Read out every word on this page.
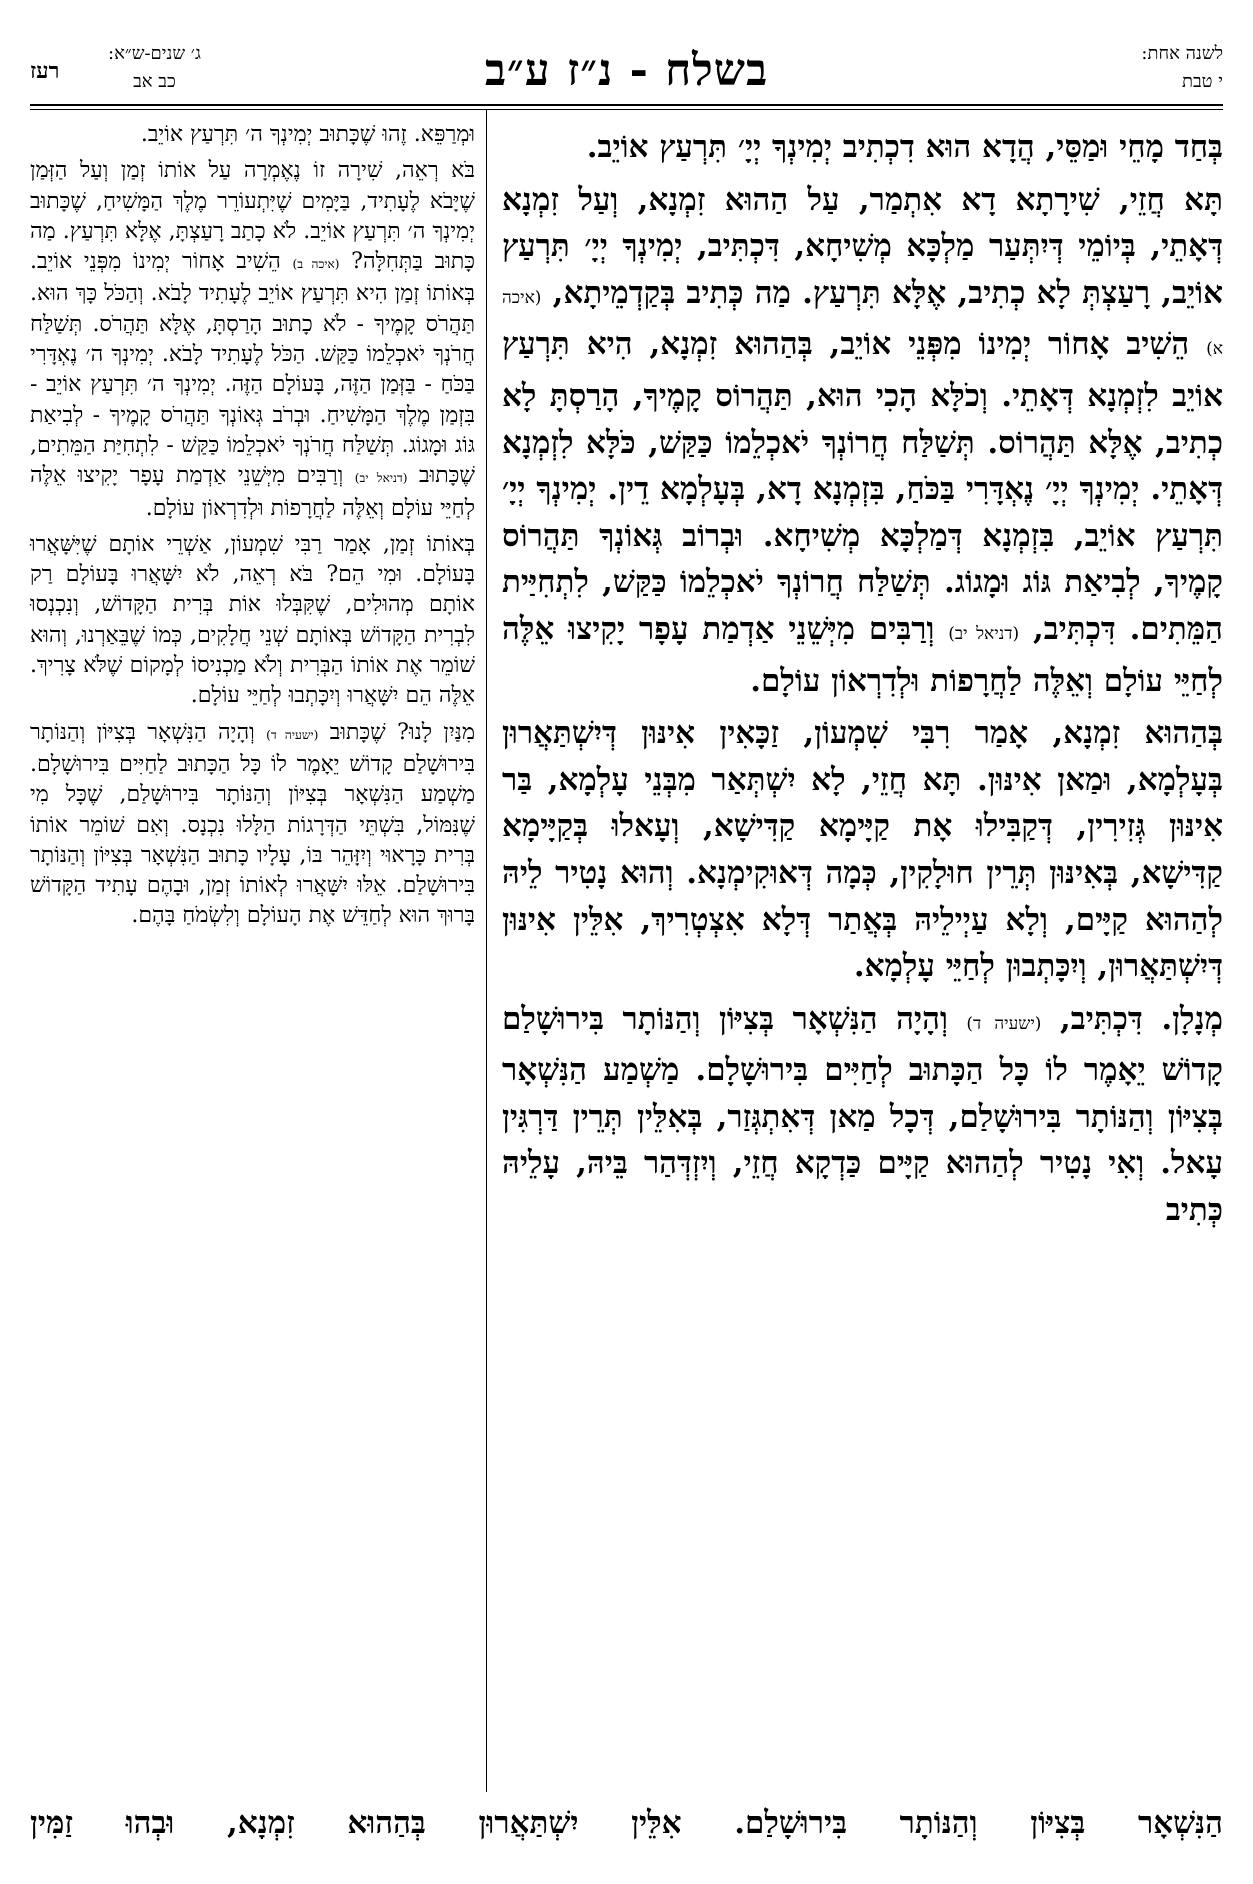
רעז
ג׳ שנים-ש״א:
כב אב	בשלח - נ״ז ע״ב	לשנה אחת:
י טבת

בְּחַד מָחֵי וּמַסֵּי, הֲדָא הוּא דִכְתִיב יְמִינְךָ יְיָ׳ תִּרְעַץ אוֹיֵב.

תָּא חֲזֵי, שִׁירָתָא דָא אִתְמַר, עַל הַהוּא זִמְנָא, וְעַל זִמְנָא דְּאָתֵי, בְּיוֹמֵי דְּיִתְּעַר מַלְכָּא מְשִׁיחָא, דִּכְתִּיב, יְמִינְךָ יְיָ׳ תִּרְעַץ אוֹיֵב, רָעַצְתְּ לָא כְתִיב, אֶלָּא תִּרְעַץ. מַה כְּתִיב בְּקַדְמֵיתָא, (איכה א) הֵשִׁיב אָחוֹר יְמִינוֹ מִפְּנֵי אוֹיֵב, בְּהַהוּא זִמְנָא, הִיא תִּרְעַץ אוֹיֵב לִזְמְנָא דְּאָתֵי. וְכֹלָּא הָכִי הוּא, תַּהֲרוֹס קָמֶיךָ, הָרַסְתָּ לָא כְתִיב, אֶלָּא תַּהֲרוֹס. תְּשַׁלַּח חֲרוֹנְךָ יֹאכְלֵמוֹ כַּקַּשׁ, כֹּלָּא לִזְמְנָא דְּאָתֵי. יְמִינְךָ יְיָ׳ נֶאְדָּרִי בַּכֹּחַ, בִּזְמְנָא דָא, בְּעָלְמָא דֵין. יְמִינְךָ יְיָ׳ תִּרְעַץ אוֹיֵב, בִּזְמְנָא דְּמַלְכָּא מְשִׁיחָא. וּבְרוֹב גְּאוֹנְךָ תַּהֲרוֹס קָמֶיךָ, לְבִיאַת גּוֹג וּמָגוֹג. תְּשַׁלַּח חֲרוֹנְךָ יֹאכְלֵמוֹ כַּקַּשׁ, לִתְחִיַּית הַמֵּתִים. דִּכְתִּיב, (דניאל יב) וְרַבִּים מִיְּשֵׁנֵי אַדְמַת עָפָר יָקִיצוּ אֵלֶּה לְחַיֵּי עוֹלָם וְאֵלֶּה לַחֲרָפוֹת וּלְדִרְאוֹן עוֹלָם.

בְּהַהוּא זִמְנָא, אָמַר רִבִּי שִׁמְעוֹן, זַכָּאִין אִינּוּן דְּיִשְׁתַּאֲרוּן בְּעָלְמָא, וּמַאן אִינּוּן. תָּא חֲזֵי, לָא יִשְׁתְּאַר מִבְּנֵי עָלְמָא, בַּר אִינּוּן גְּזִירִין, דְּקַבִּילוּ אָת קַיָּימָא קַדִּישָׁא, וְעָאלוּ בְּקַיָּימָא קַדִּישָׁא, בְּאִינּוּן תְּרֵין חוּלָקִין, כְּמָה דְּאוּקִימְנָא. וְהוּא נָטִיר לֵיהּ לְהַהוּא קַיָּים, וְלָא עַיְילֵיהּ בְּאֲתַר דְּלָא אִצְטְרִיךְ, אִלֵּין אִינּוּן דְּיִשְׁתַּאֲרוּן, וְיִכָּתְבוּן לְחַיֵּי עָלְמָא.

מְנָלָן. דִּכְתִּיב, (ישעיה ד) וְהָיָה הַנִּשְׁאָר בְּצִיּוֹן וְהַנּוֹתָר בִּירוּשָׁלַם קָדוֹשׁ יֵאָמֶר לוֹ כָּל הַכָּתוּב לְחַיִּים בִּירוּשָׁלָם. מַשְׁמַע הַנִּשְׁאָר בְּצִיּוֹן וְהַנּוֹתָר בִּירוּשָׁלַם, דְּכָל מַאן דְּאִתְגְּזַר, בְּאִלֵּין תְּרֵין דַּרְגִּין עָאל. וְאִי נָטִיר לְהַהוּא קַיָּים כַּדְקָא חֲזֵי, וְיִזְדְּהַר בֵּיהּ, עָלֵיהּ כְּתִיב

וּמְרַפֵּא. זֶהוּ שֶׁכָּתוּב יְמִינְךָ ה׳ תִּרְעַץ אוֹיֵב.

בֹּא רְאֵה, שִׁירָה זוֹ נֶאֶמְרָה עַל אוֹתוֹ זְמַן וְעַל הַזְּמַן שֶׁיָּבֹא לֶעָתִיד, בַּיָּמִים שֶׁיִּתְעוֹרֵר מֶלֶךְ הַמָּשִׁיחַ, שֶׁכָּתוּב יְמִינְךָ ה׳ תִּרְעַץ אוֹיֵב. לֹא כָתַב רָעַצְתָּ, אֶלָּא תִּרְעַץ. מַה כָּתוּב בַּתְּחִלָּה? (איכה ב) הֵשִׁיב אָחוֹר יְמִינוֹ מִפְּנֵי אוֹיֵב. בְּאוֹתוֹ זְמַן הִיא תִּרְעַץ אוֹיֵב לֶעָתִיד לָבֹא. וְהַכֹּל כָּךְ הוּא. תַּהֲרֹס קָמֶיךָ - לֹא כָתוּב הָרַסְתָּ, אֶלָּא תַּהֲרֹס. תְּשַׁלַּח חֲרֹנְךָ יֹאכְלֵמוֹ כַּקַּשׁ. הַכֹּל לֶעָתִיד לָבֹא. יְמִינְךָ ה׳ נֶאְדָּרִי בַּכֹּחַ - בַּזְּמַן הַזֶּה, בָּעוֹלָם הַזֶּה. יְמִינְךָ ה׳ תִּרְעַץ אוֹיֵב - בִּזְמַן מֶלֶךְ הַמָּשִׁיחַ. וּבְרֹב גְּאוֹנְךָ תַּהֲרֹס קָמֶיךָ - לְבִיאַת גּוֹג וּמָגוֹג. תְּשַׁלַּח חֲרֹנְךָ יֹאכְלֵמוֹ כַּקַּשׁ - לִתְחִיַּת הַמֵּתִים, שֶׁכָּתוּב (דניאל יב) וְרַבִּים מִיְּשֵׁנֵי אַדְמַת עָפָר יָקִיצוּ אֵלֶּה לְחַיֵּי עוֹלָם וְאֵלֶּה לַחֲרָפוֹת וּלְדִרְאוֹן עוֹלָם.

בְּאוֹתוֹ זְמַן, אָמַר רַבִּי שִׁמְעוֹן, אַשְׁרֵי אוֹתָם שֶׁיִּשָּׁאֲרוּ בָּעוֹלָם. וּמִי הֵם? בֹּא רְאֵה, לֹא יִשָּׁאֲרוּ בָּעוֹלָם רַק אוֹתָם מְהוּלִים, שֶׁקִּבְּלוּ אוֹת בְּרִית הַקָּדוֹשׁ, וְנִכְנְסוּ לִבְרִית הַקָּדוֹשׁ בְּאוֹתָם שְׁנֵי חֲלָקִים, כְּמוֹ שֶׁבֵּאַרְנוּ, וְהוּא שׁוֹמֵר אֶת אוֹתוֹ הַבְּרִית וְלֹא מַכְנִיסוֹ לְמָקוֹם שֶׁלֹּא צָרִיךְ. אֵלֶּה הֵם יִשָּׁאֲרוּ וְיִכָּתְבוּ לְחַיֵּי עוֹלָם.

מִנַּיִן לָנוּ? שֶׁכָּתוּב (ישעיה ד) וְהָיָה הַנִּשְׁאָר בְּצִיּוֹן וְהַנּוֹתָר בִּירוּשָׁלַם קָדוֹשׁ יֵאָמֶר לוֹ כָּל הַכָּתוּב לַחַיִּים בִּירוּשָׁלָם. מַשְׁמַע הַנִּשְׁאָר בְּצִיּוֹן וְהַנּוֹתָר בִּירוּשָׁלַם, שֶׁכָּל מִי שֶׁנִּמּוֹל, בִּשְׁתֵּי הַדְּרָגוֹת הַלָּלוּ נִכְנָס. וְאִם שׁוֹמֵר אוֹתוֹ בְּרִית כָּרָאוּי וְיִזָּהֵר בּוֹ, עָלָיו כָּתוּב הַנִּשְׁאָר בְּצִיּוֹן וְהַנּוֹתָר בִּירוּשָׁלַם. אֵלּוּ יִשָּׁאֲרוּ לְאוֹתוֹ זְמַן, וּבָהֶם עָתִיד הַקָּדוֹשׁ בָּרוּךְ הוּא לְחַדֵּשׁ אֶת הָעוֹלָם וְלִשְׂמֹחַ בָּהֶם.

הַנִּשְׁאָר בְּצִיּוֹן וְהַנּוֹתָר בִּירוּשָׁלַם. אִלֵּין יִשְׁתַּאֲרוּן בְּהַהוּא זִמְנָא, וּבְהוּ זַמִּין
